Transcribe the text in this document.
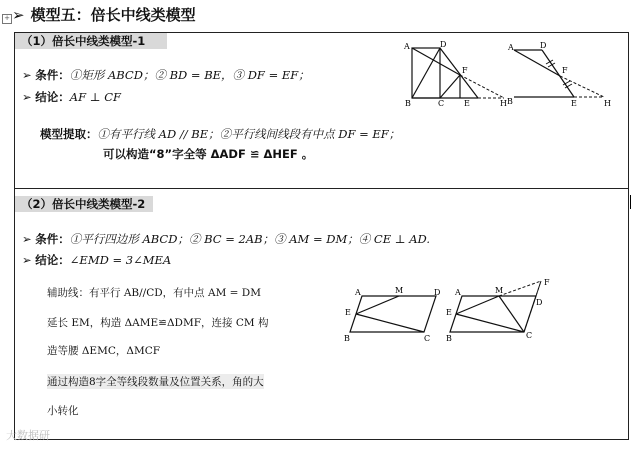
➢ 模型五：倍长中线类模型
+
（1）倍长中线类模型-1
➢ 条件：①矩形 ABCD；② BD = BE，③ DF = EF；
➢ 结论：AF ⊥ CF
模型提取：①有平行线 AD // BE；②平行线间线段有中点 DF = EF；
可以构造“8”字全等 ΔADF ≌ ΔHEF 。
A	D
F
B	C E	H
A	D
F
B	E	H
（2）倍长中线类模型-2
➢ 条件：①平行四边形 ABCD；② BC = 2AB；③ AM = DM；④ CE ⊥ AD.
➢ 结论：∠EMD = 3∠MEA
辅助线：有平行 AB//CD，有中点 AM = DM
延长 EM，构造 ΔAME≌ΔDMF，连接 CM 构
造等腰 ΔEMC，ΔMCF
通过构造8字全等线段数量及位置关系，角的大
小转化
A	M	D
E
B	C
A	M
D
F
E
B	C
大数据研
